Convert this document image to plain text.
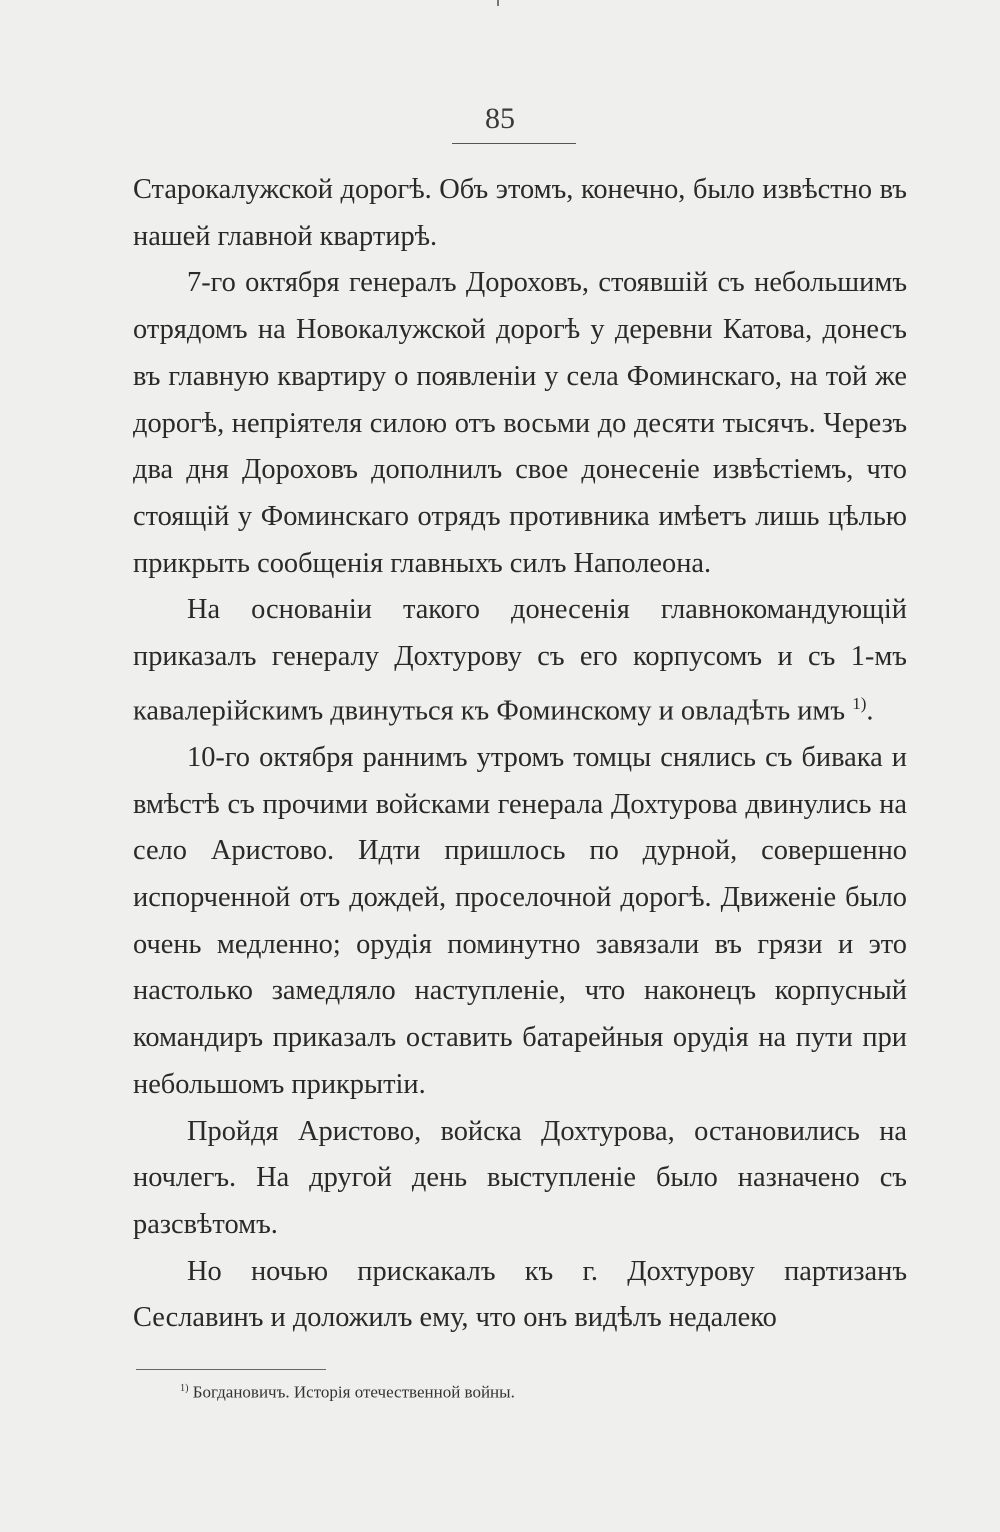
85

Старокалужской дорогѣ. Объ этомъ, конечно, было извѣстно въ нашей главной квартирѣ.

7-го октября генералъ Дороховъ, стоявшій съ небольшимъ отрядомъ на Новокалужской дорогѣ у деревни Катова, донесъ въ главную квартиру о появленіи у села Фоминскаго, на той же дорогѣ, непріятеля силою отъ восьми до десяти тысячъ. Черезъ два дня Дороховъ дополнилъ свое донесеніе извѣстіемъ, что стоящій у Фоминскаго отрядъ противника имѣетъ лишь цѣлью прикрыть сообщенія главныхъ силъ Наполеона.

На основаніи такого донесенія главнокомандующій приказалъ генералу Дохтурову съ его корпусомъ и съ 1-мъ кавалерійскимъ двинуться къ Фоминскому и овладѣть имъ $^{1)}$.

10-го октября раннимъ утромъ томцы снялись съ бивака и вмѣстѣ съ прочими войсками генерала Дохтурова двинулись на село Аристово. Идти пришлось по дурной, совершенно испорченной отъ дождей, проселочной дорогѣ. Движеніе было очень медленно; орудія поминутно завязали въ грязи и это настолько замедляло наступленіе, что наконецъ корпусный командиръ приказалъ оставить батарейныя орудія на пути при небольшомъ прикрытіи.

Пройдя Аристово, войска Дохтурова, остановились на ночлегъ. На другой день выступленіе было назначено съ разсвѣтомъ.

Но ночью прискакалъ къ г. Дохтурову партизанъ Сеславинъ и доложилъ ему, что онъ видѣлъ недалеко

$^{1)}$ Богдановичъ. Исторія отечественной войны.
